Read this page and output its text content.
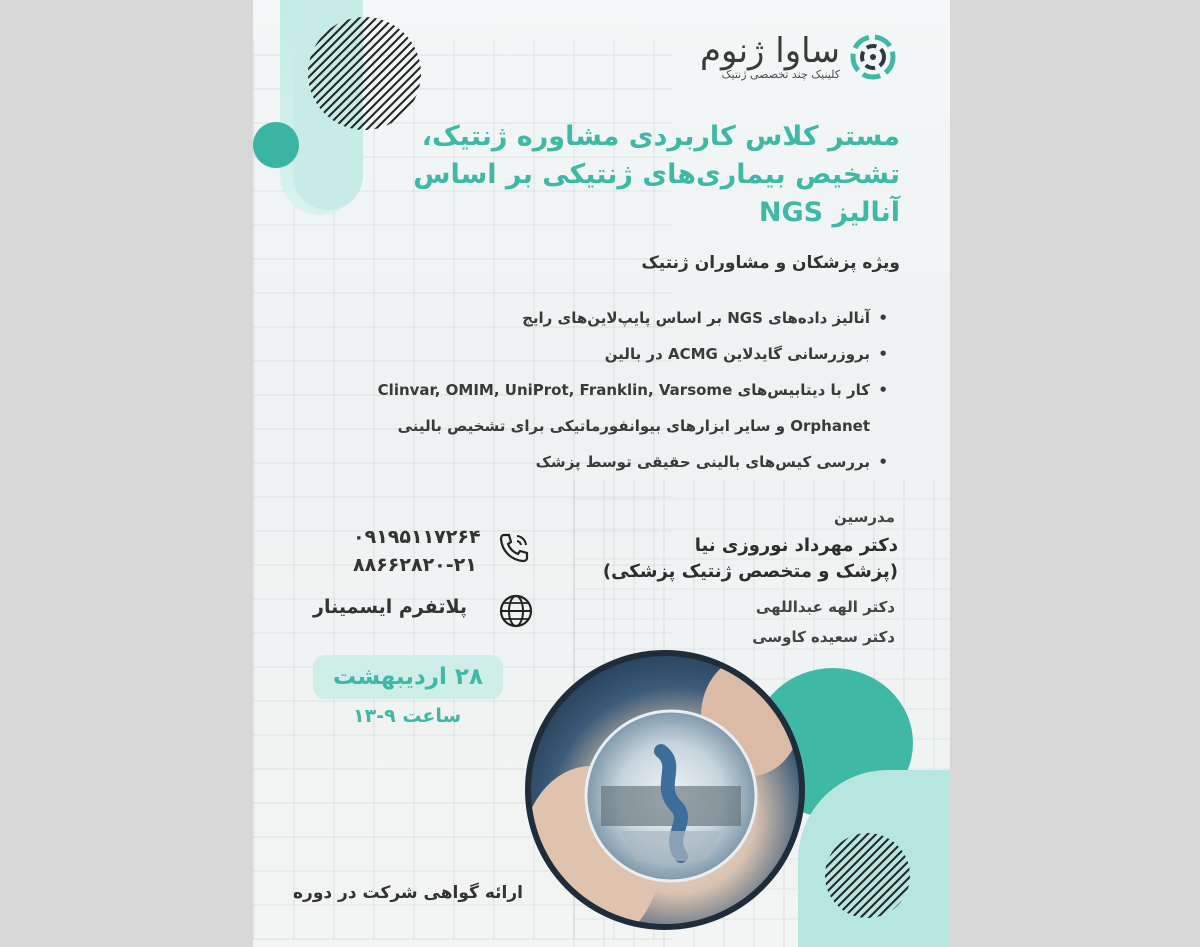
ساوا ژنوم
کلینیک چند تخصصی ژنتیک
مستر کلاس کاربردی مشاوره ژنتیک،
تشخیص بیماری‌های ژنتیکی بر اساس
آنالیز NGS
ویژه پزشکان و مشاوران ژنتیک
• آنالیز داده‌های NGS بر اساس پایپ‌لاین‌های رایج
• بروزرسانی گایدلاین ACMG در بالین
• کار با دیتابیس‌های Clinvar, OMIM, UniProt, Franklin, Varsome
Orphanet و سایر ابزارهای بیوانفورماتیکی برای تشخیص بالینی
• بررسی کیس‌های بالینی حقیقی توسط پزشک
مدرسین
دکتر مهرداد نوروزی نیا
(پزشک و متخصص ژنتیک پزشکی)
دکتر الهه عبداللهی
دکتر سعیده کاوسی
۰۹۱۹۵۱۱۷۲۶۴
۸۸۶۶۲۸۲۰-۲۱
پلاتفرم ایسمینار
۲۸ اردیبهشت
ساعت ۹-۱۳
ارائه گواهی شرکت در دوره
